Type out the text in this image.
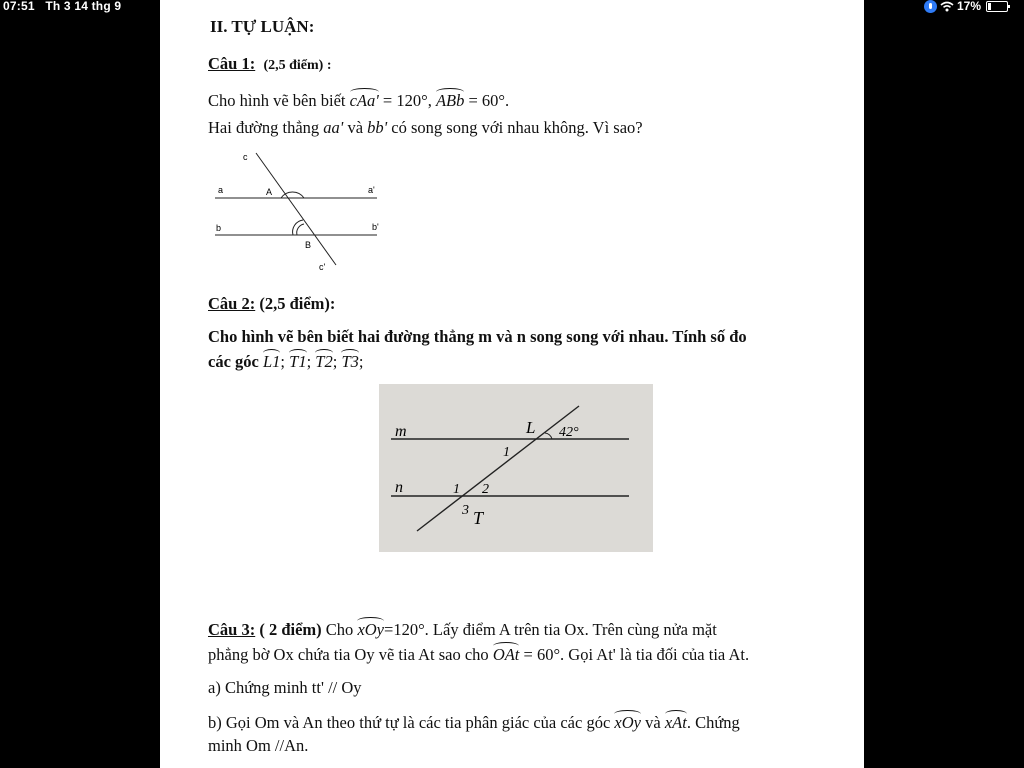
07:51 Th 3 14 thg 9	17%
II. TỰ LUẬN:
Câu 1: (2,5 điểm) :
Cho hình vẽ bên biết cAa' = 120°, ABb = 60°.
Hai đường thẳng aa' và bb' có song song với nhau không. Vì sao?
c
a	A	a'
b	b'
B
c'
Câu 2: (2,5 điểm):
Cho hình vẽ bên biết hai đường thẳng m và n song song với nhau. Tính số đo
các góc L1; T1; T2; T3;
m	L 42°
1
n	1 2
3 T
Câu 3: ( 2 điểm) Cho xOy=120°. Lấy điểm A trên tia Ox. Trên cùng nửa mặt
phẳng bờ Ox chứa tia Oy vẽ tia At sao cho OAt = 60°. Gọi At' là tia đối của tia At.
a) Chứng minh tt' // Oy
b) Gọi Om và An theo thứ tự là các tia phân giác của các góc xOy và xAt. Chứng
minh Om //An.
